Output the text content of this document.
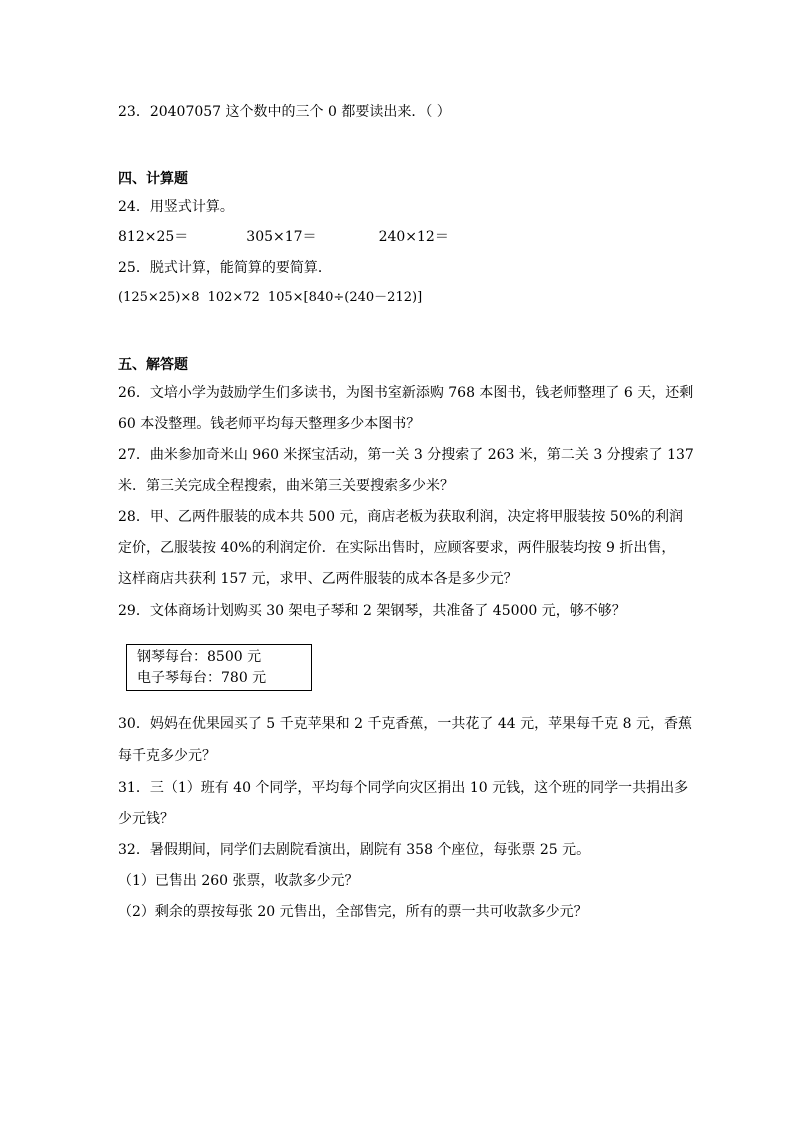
23．20407057 这个数中的三个 0 都要读出来．（ ）
四、计算题
24．用竖式计算。
812×25＝	305×17＝	240×12＝
25．脱式计算，能简算的要简算．
(125×25)×8 102×72 105×[840÷(240－212)]
五、解答题
26．文培小学为鼓励学生们多读书，为图书室新添购 768 本图书，钱老师整理了 6 天，还剩
60 本没整理。钱老师平均每天整理多少本图书？
27．曲米参加奇米山 960 米探宝活动，第一关 3 分搜索了 263 米，第二关 3 分搜索了 137
米．第三关完成全程搜索，曲米第三关要搜索多少米？
28．甲、乙两件服装的成本共 500 元，商店老板为获取利润，决定将甲服装按 50%的利润
定价，乙服装按 40%的利润定价．在实际出售时，应顾客要求，两件服装均按 9 折出售，
这样商店共获利 157 元，求甲、乙两件服装的成本各是多少元？
29．文体商场计划购买 30 架电子琴和 2 架钢琴，共准备了 45000 元，够不够？
钢琴每台：8500 元
电子琴每台：780 元
30．妈妈在优果园买了 5 千克苹果和 2 千克香蕉，一共花了 44 元，苹果每千克 8 元，香蕉
每千克多少元？
31．三（1）班有 40 个同学，平均每个同学向灾区捐出 10 元钱，这个班的同学一共捐出多
少元钱？
32．暑假期间，同学们去剧院看演出，剧院有 358 个座位，每张票 25 元。
（1）已售出 260 张票，收款多少元？
（2）剩余的票按每张 20 元售出，全部售完，所有的票一共可收款多少元？
